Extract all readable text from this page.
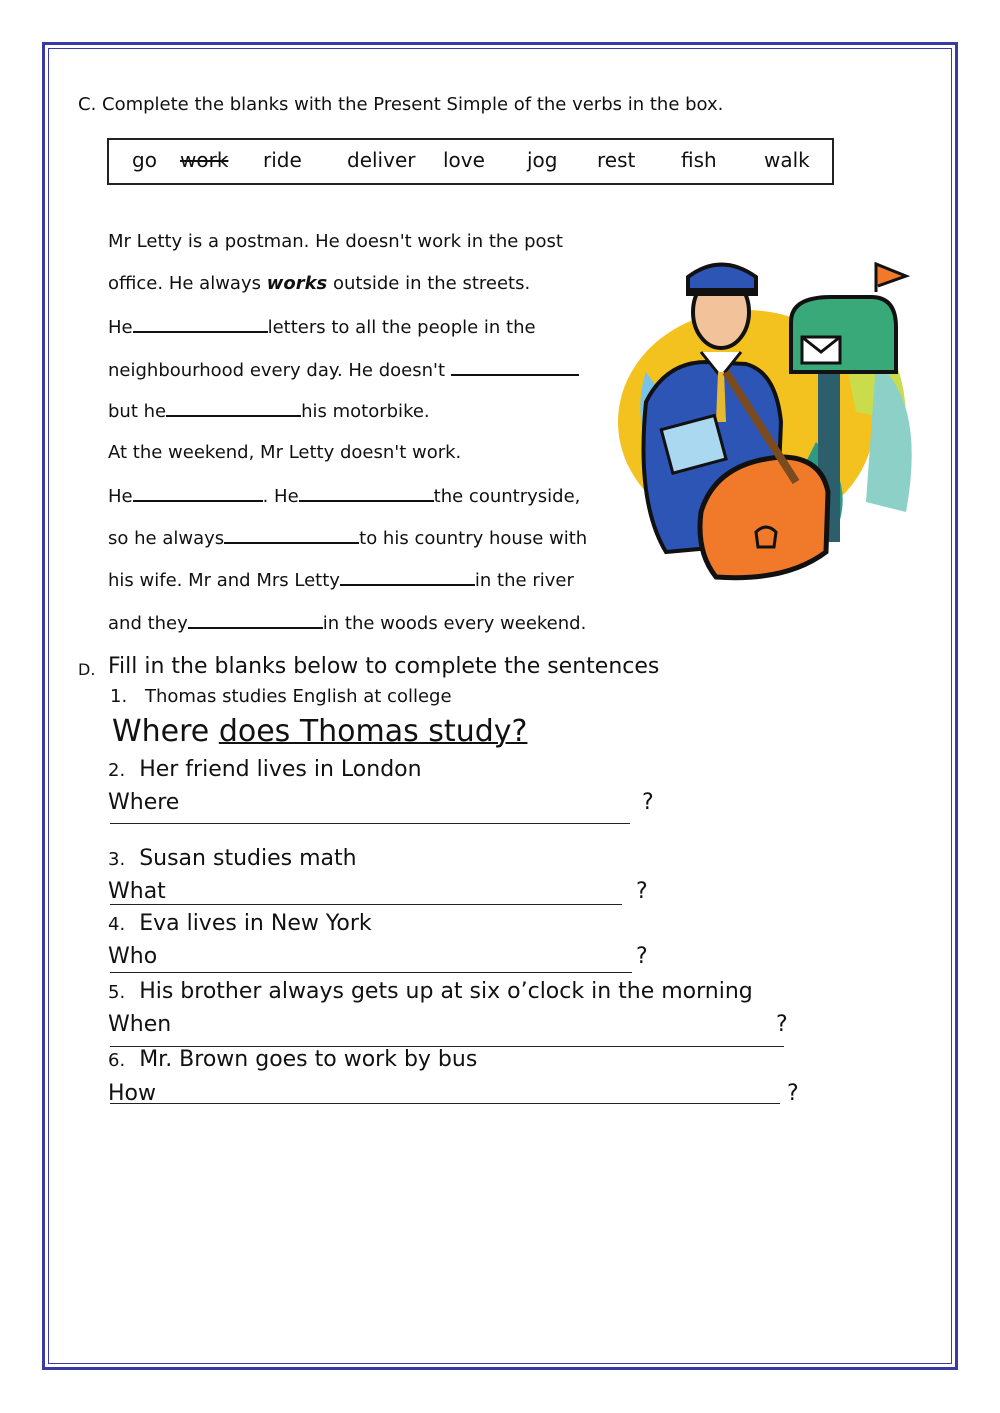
C. Complete the blanks with the Present Simple of the verbs in the box.
go work ride deliver love jog rest fish walk
Mr Letty is a postman. He doesn't work in the post
office. He always works outside in the streets.
He	letters to all the people in the
neighbourhood every day. He doesn't
but he	his motorbike.
At the weekend, Mr Letty doesn't work.
He	. He	the countryside,
so he always	to his country house with
his wife. Mr and Mrs Letty	in the river
and they	in the woods every weekend.
D. Fill in the blanks below to complete the sentences
1. Thomas studies English at college
Where does Thomas study?
2. Her friend lives in London
Where	?
3. Susan studies math
What	?
4. Eva lives in New York
Who	?
5. His brother always gets up at six o’clock in the morning
When	?
6. Mr. Brown goes to work by bus
How	?
